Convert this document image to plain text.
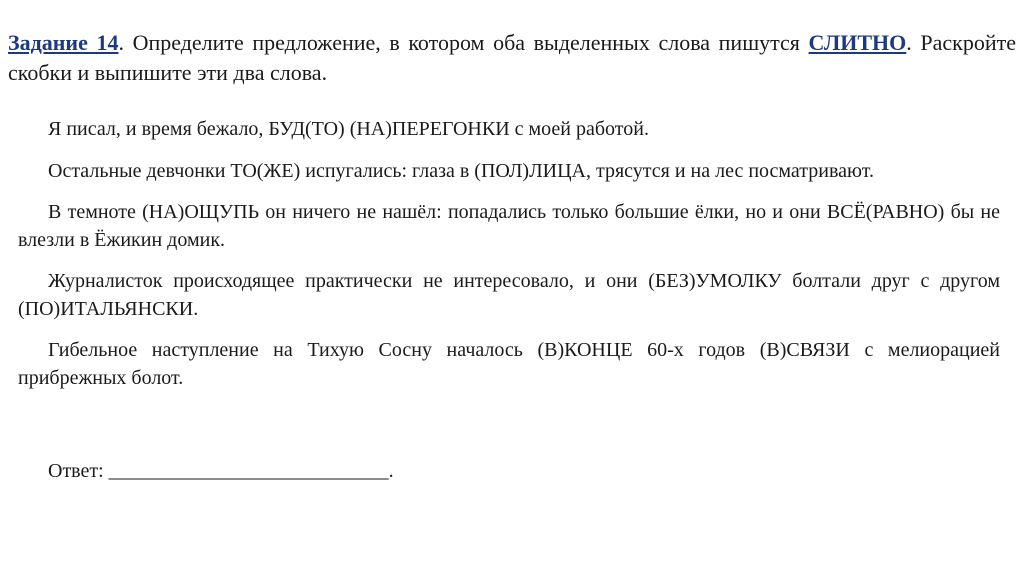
Задание 14. Определите предложение, в котором оба выделенных слова пишутся СЛИТНО. Раскройте скобки и выпишите эти два слова.

Я писал, и время бежало, БУД(ТО) (НА)ПЕРЕГОНКИ с моей работой.

Остальные девчонки ТО(ЖЕ) испугались: глаза в (ПОЛ)ЛИЦА, трясутся и на лес посматривают.

В темноте (НА)ОЩУПЬ он ничего не нашёл: попадались только большие ёлки, но и они ВСЁ(РАВНО) бы не влезли в Ёжикин домик.

Журналисток происходящее практически не интересовало, и они (БЕЗ)УМОЛКУ болтали друг с другом (ПО)ИТАЛЬЯНСКИ.

Гибельное наступление на Тихую Сосну началось (В)КОНЦЕ 60-х годов (В)СВЯЗИ с мелиорацией прибрежных болот.

Ответ: ____________________________.
